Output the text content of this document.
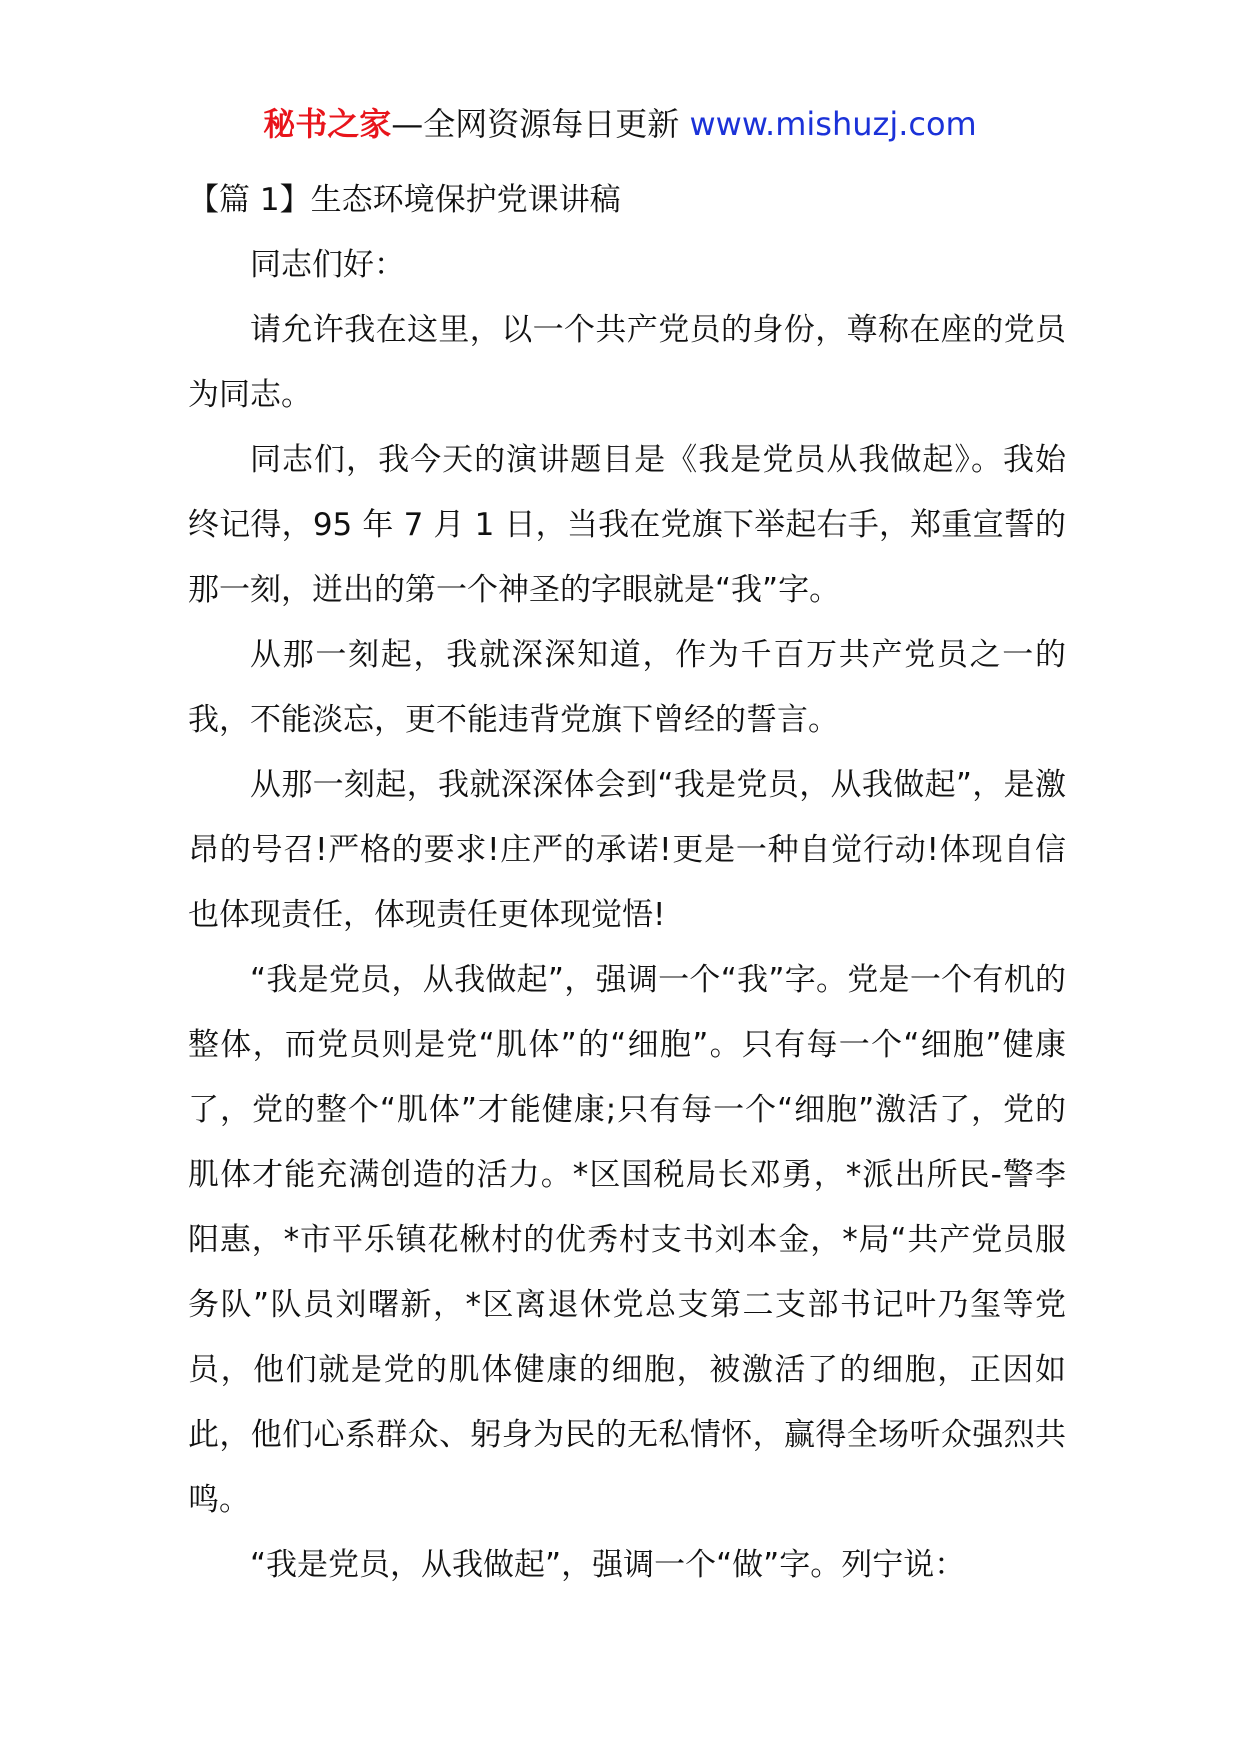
秘书之家—全网资源每日更新 www.mishuzj.com

【篇 1】生态环境保护党课讲稿

同志们好：

请允许我在这里，以一个共产党员的身份，尊称在座的党员为同志。

同志们，我今天的演讲题目是《我是党员从我做起》。我始终记得，95 年 7 月 1 日，当我在党旗下举起右手，郑重宣誓的那一刻，迸出的第一个神圣的字眼就是“我”字。

从那一刻起，我就深深知道，作为千百万共产党员之一的我，不能淡忘，更不能违背党旗下曾经的誓言。

从那一刻起，我就深深体会到“我是党员，从我做起”，是激昂的号召!严格的要求!庄严的承诺!更是一种自觉行动!体现自信也体现责任，体现责任更体现觉悟!

“我是党员，从我做起”，强调一个“我”字。党是一个有机的整体，而党员则是党“肌体”的“细胞”。只有每一个“细胞”健康了，党的整个“肌体”才能健康;只有每一个“细胞”激活了，党的肌体才能充满创造的活力。*区国税局长邓勇，*派出所民-警李阳惠，*市平乐镇花楸村的优秀村支书刘本金，*局“共产党员服务队”队员刘曙新，*区离退休党总支第二支部书记叶乃玺等党员，他们就是党的肌体健康的细胞，被激活了的细胞，正因如此，他们心系群众、躬身为民的无私情怀，赢得全场听众强烈共鸣。

“我是党员，从我做起”，强调一个“做”字。列宁说：
